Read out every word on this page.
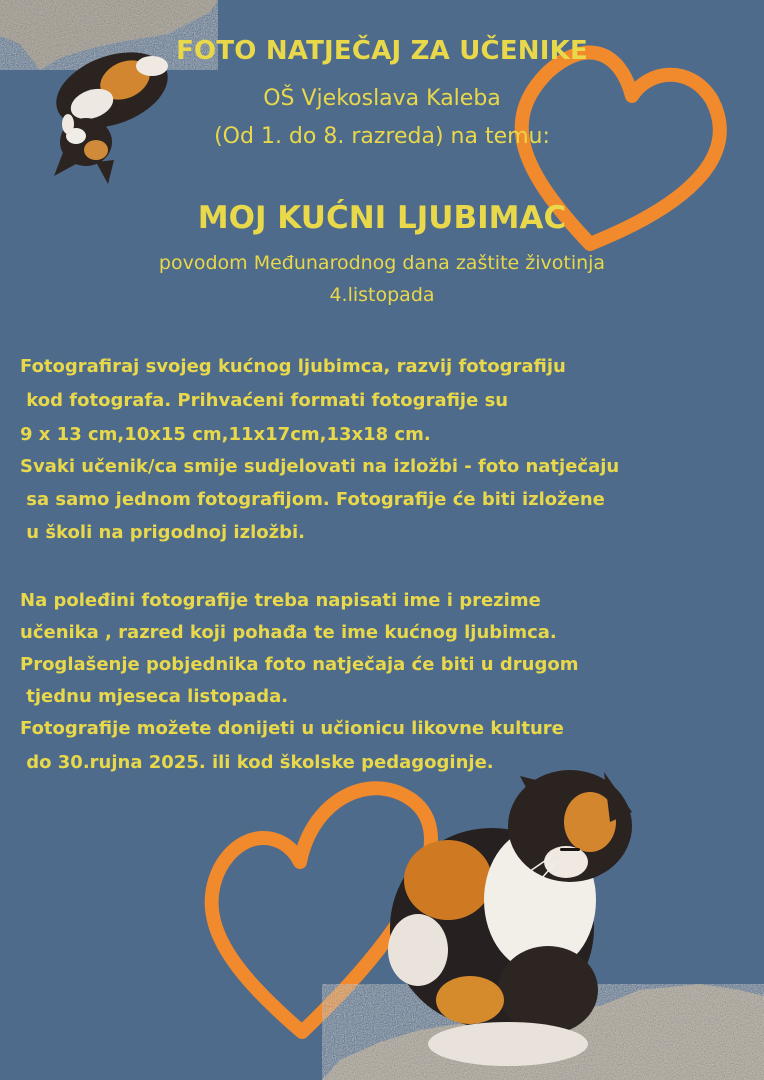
FOTO NATJEČAJ ZA UČENIKE
OŠ Vjekoslava Kaleba
(Od 1. do 8. razreda) na temu:
MOJ KUĆNI LJUBIMAC
povodom Međunarodnog dana zaštite životinja
4.listopada
Fotografiraj svojeg kućnog ljubimca, razvij fotografiju
kod fotografa. Prihvaćeni formati fotografije su
9 x 13 cm,10x15 cm,11x17cm,13x18 cm.
Svaki učenik/ca smije sudjelovati na izložbi - foto natječaju
sa samo jednom fotografijom. Fotografije će biti izložene
u školi na prigodnoj izložbi.
Na poleđini fotografije treba napisati ime i prezime
učenika , razred koji pohađa te ime kućnog ljubimca.
Proglašenje pobjednika foto natječaja će biti u drugom
tjednu mjeseca listopada.
Fotografije možete donijeti u učionicu likovne kulture
do 30.rujna 2025. ili kod školske pedagoginje.
